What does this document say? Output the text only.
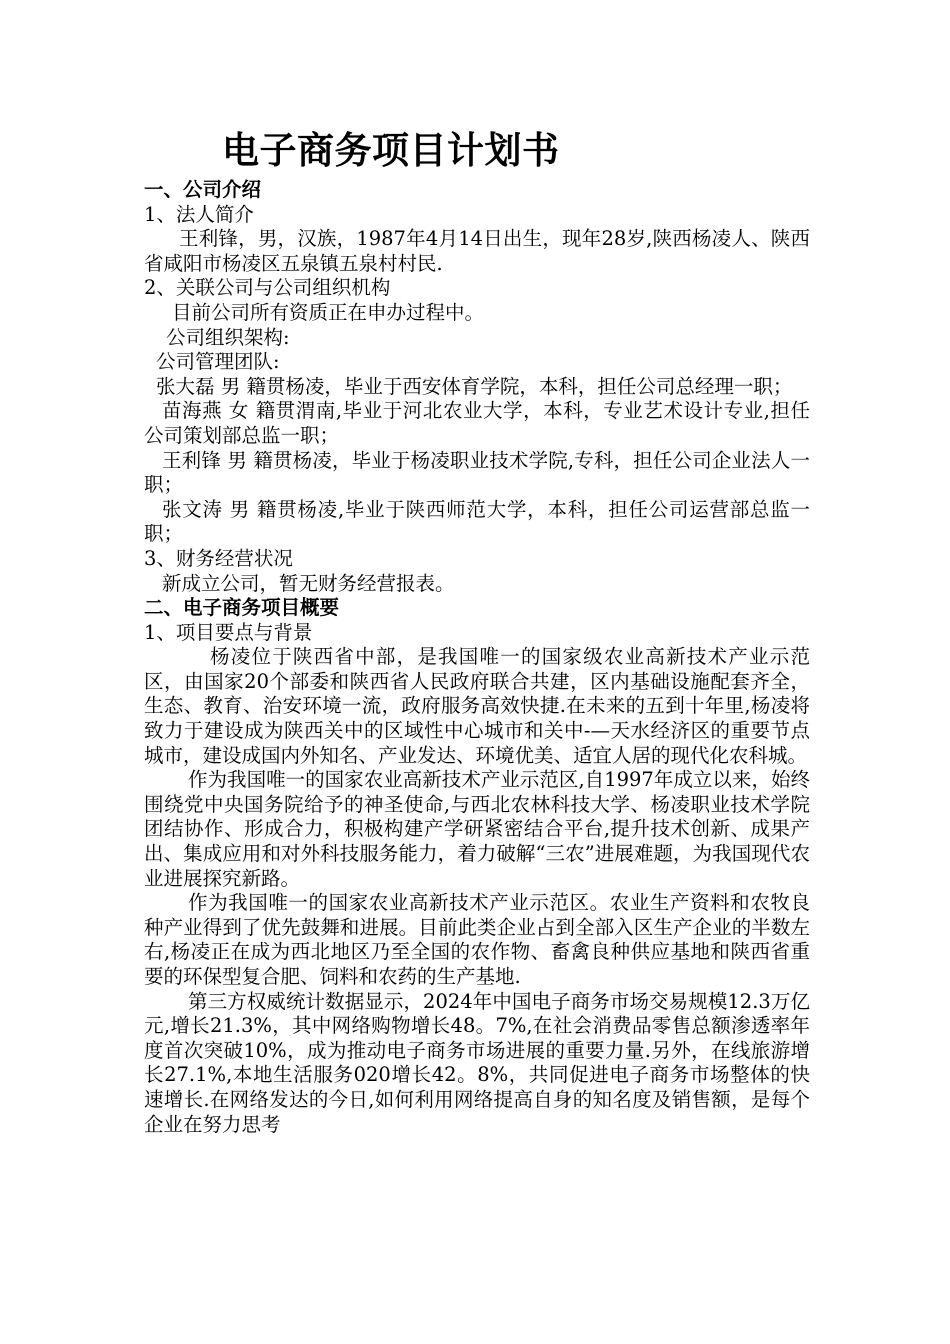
电子商务项目计划书
一、公司介绍
1、法人简介

王利锋，男，汉族，1987年4月14日出生，现年28岁,陕西杨凌人、陕西省咸阳市杨凌区五泉镇五泉村村民.

2、关联公司与公司组织机构

目前公司所有资质正在申办过程中。

公司组织架构:

公司管理团队:

张大磊 男 籍贯杨凌，毕业于西安体育学院，本科，担任公司总经理一职；

苗海燕 女 籍贯渭南,毕业于河北农业大学，本科，专业艺术设计专业,担任公司策划部总监一职；

王利锋 男 籍贯杨凌，毕业于杨凌职业技术学院,专科，担任公司企业法人一职；

张文涛 男 籍贯杨凌,毕业于陕西师范大学，本科，担任公司运营部总监一职；

3、财务经营状况

新成立公司，暂无财务经营报表。

二、电子商务项目概要
1、项目要点与背景

杨凌位于陕西省中部，是我国唯一的国家级农业高新技术产业示范区，由国家20个部委和陕西省人民政府联合共建，区内基础设施配套齐全，生态、教育、治安环境一流，政府服务高效快捷.在未来的五到十年里,杨凌将致力于建设成为陕西关中的区域性中心城市和关中-—天水经济区的重要节点城市，建设成国内外知名、产业发达、环境优美、适宜人居的现代化农科城。

作为我国唯一的国家农业高新技术产业示范区,自1997年成立以来，始终围绕党中央国务院给予的神圣使命,与西北农林科技大学、杨凌职业技术学院团结协作、形成合力，积极构建产学研紧密结合平台,提升技术创新、成果产出、集成应用和对外科技服务能力，着力破解“三农”进展难题，为我国现代农业进展探究新路。

作为我国唯一的国家农业高新技术产业示范区。农业生产资料和农牧良种产业得到了优先鼓舞和进展。目前此类企业占到全部入区生产企业的半数左右,杨凌正在成为西北地区乃至全国的农作物、畜禽良种供应基地和陕西省重要的环保型复合肥、饲料和农药的生产基地.

第三方权威统计数据显示，2024年中国电子商务市场交易规模12.3万亿元,增长21.3%，其中网络购物增长48。7%,在社会消费品零售总额渗透率年度首次突破10%，成为推动电子商务市场进展的重要力量.另外，在线旅游增长27.1%,本地生活服务020增长42。8%，共同促进电子商务市场整体的快速增长.在网络发达的今日,如何利用网络提高自身的知名度及销售额，是每个企业在努力思考
